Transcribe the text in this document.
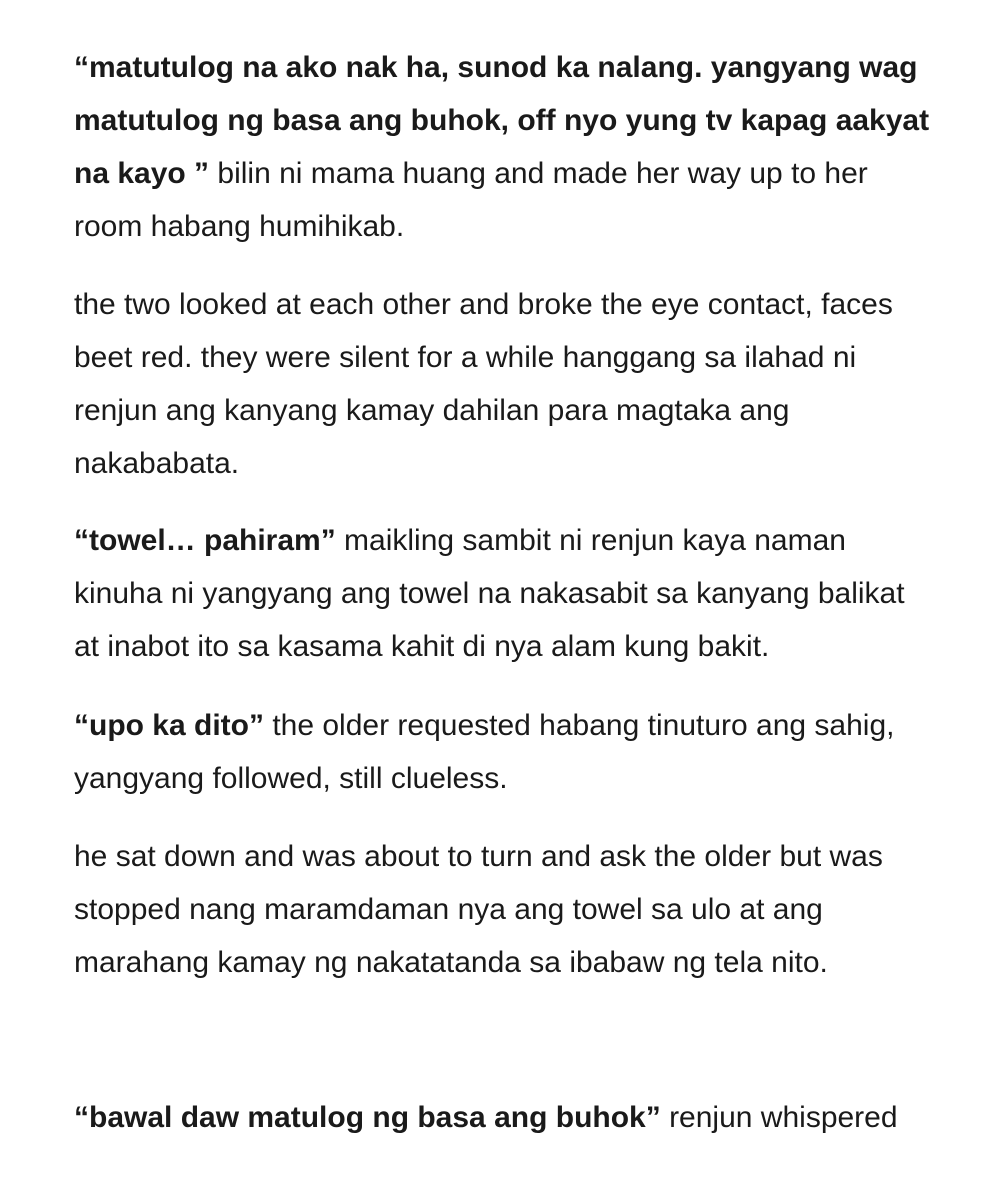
“matutulog na ako nak ha, sunod ka nalang. yangyang wag matutulog ng basa ang buhok, off nyo yung tv kapag aakyat na kayo ” bilin ni mama huang and made her way up to her room habang humihikab.

the two looked at each other and broke the eye contact, faces beet red. they were silent for a while hanggang sa ilahad ni renjun ang kanyang kamay dahilan para magtaka ang nakababata.

“towel… pahiram” maikling sambit ni renjun kaya naman kinuha ni yangyang ang towel na nakasabit sa kanyang balikat at inabot ito sa kasama kahit di nya alam kung bakit.

“upo ka dito” the older requested habang tinuturo ang sahig, yangyang followed, still clueless.

he sat down and was about to turn and ask the older but was stopped nang maramdaman nya ang towel sa ulo at ang marahang kamay ng nakatatanda sa ibabaw ng tela nito.

“bawal daw matulog ng basa ang buhok” renjun whispered
